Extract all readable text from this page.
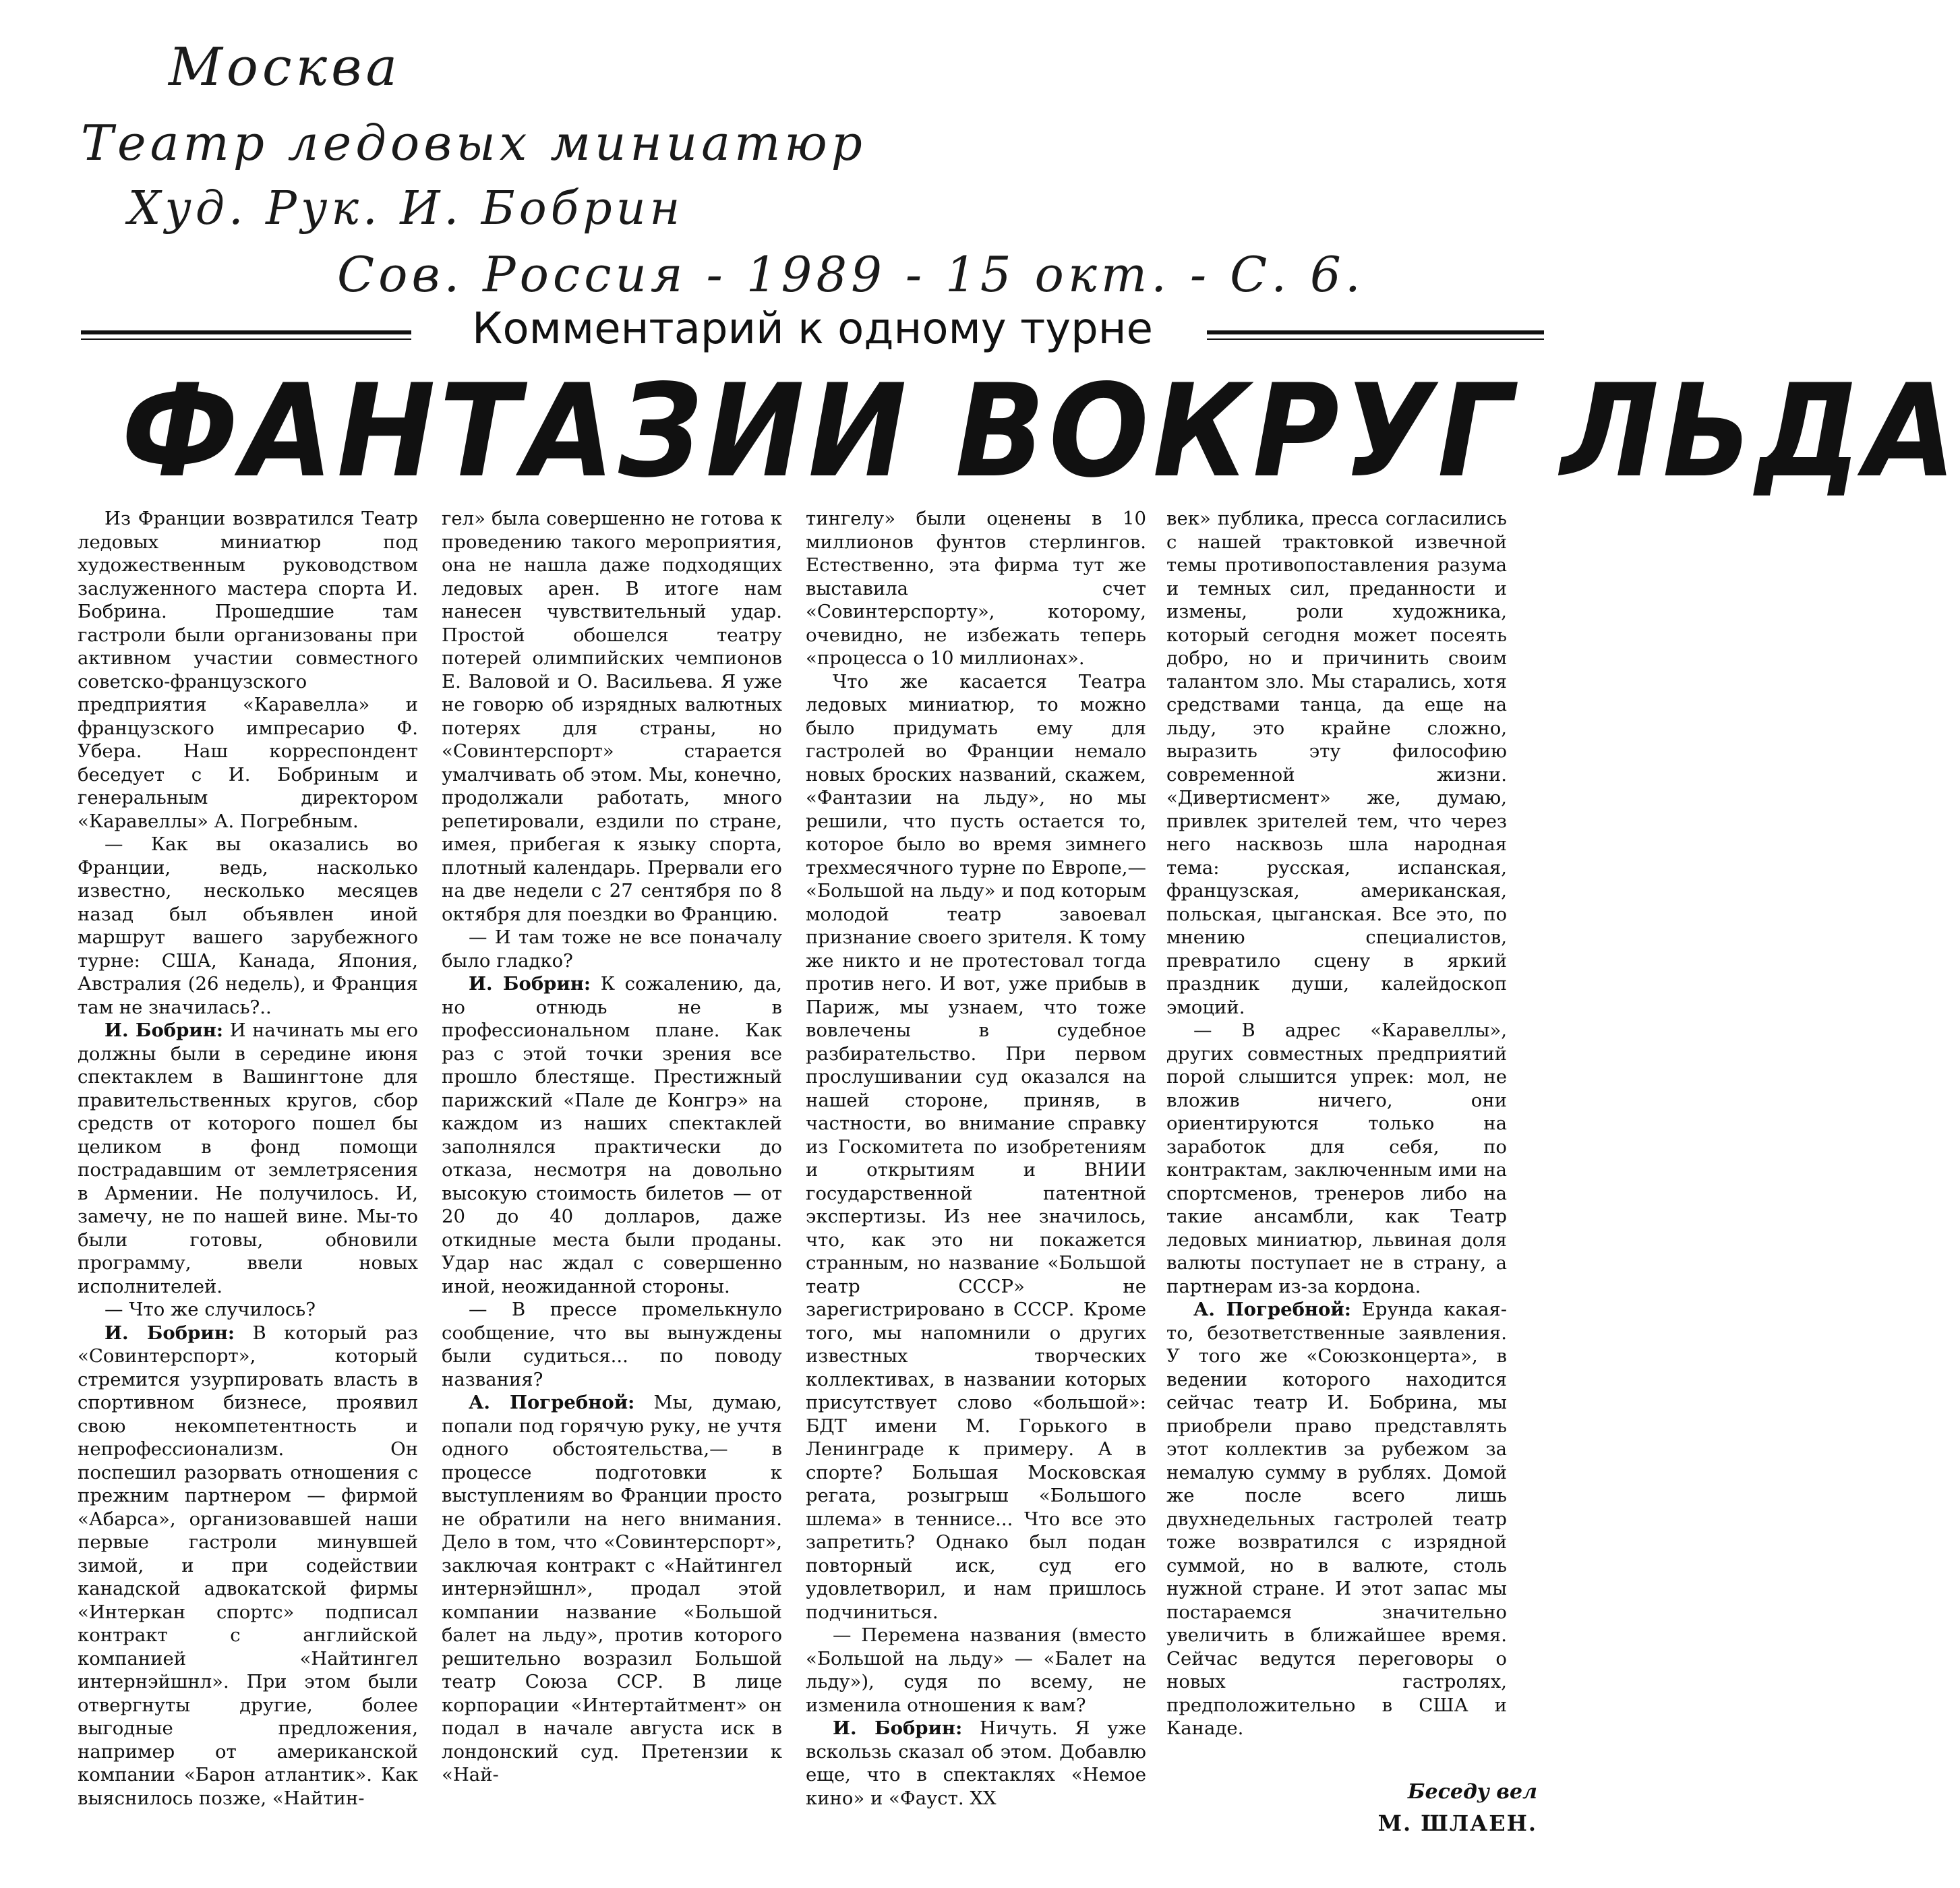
Москва
Театр ледовых миниатюр
Худ. Рук. И. Бобрин
Сов. Россия - 1989 - 15 окт. - С. 6.
Комментарий к одному турне
ФАНТАЗИИ ВОКРУГ ЛЬДА

Из Франции возвратился Театр ледовых миниатюр под художественным руководством заслуженного мастера спорта И. Бобрина. Прошедшие там гастроли были организованы при активном участии совместного советско-французского предприятия «Каравелла» и французского импресарио Ф. Убера. Наш корреспондент беседует с И. Бобриным и генеральным директором «Каравеллы» А. Погребным.

— Как вы оказались во Франции, ведь, насколько известно, несколько месяцев назад был объявлен иной маршрут вашего зарубежного турне: США, Канада, Япония, Австралия (26 недель), и Франция там не значилась?..

И. Бобрин: И начинать мы его должны были в середине июня спектаклем в Вашингтоне для правительственных кругов, сбор средств от которого пошел бы целиком в фонд помощи пострадавшим от землетрясения в Армении. Не получилось. И, замечу, не по нашей вине. Мы-то были готовы, обновили программу, ввели новых исполнителей.

— Что же случилось?

И. Бобрин: В который раз «Совинтерспорт», который стремится узурпировать власть в спортивном бизнесе, проявил свою некомпетентность и непрофессионализм. Он поспешил разорвать отношения с прежним партнером — фирмой «Абарса», организовавшей наши первые гастроли минувшей зимой, и при содействии канадской адвокатской фирмы «Интеркан спортс» подписал контракт с английской компанией «Найтингел интернэйшнл». При этом были отвергнуты другие, более выгодные предложения, например от американской компании «Барон атлантик». Как выяснилось позже, «Найтин-

гел» была совершенно не готова к проведению такого мероприятия, она не нашла даже подходящих ледовых арен. В итоге нам нанесен чувствительный удар. Простой обошелся театру потерей олимпийских чемпионов Е. Валовой и О. Васильева. Я уже не говорю об изрядных валютных потерях для страны, но «Совинтерспорт» старается умалчивать об этом. Мы, конечно, продолжали работать, много репетировали, ездили по стране, имея, прибегая к языку спорта, плотный календарь. Прервали его на две недели с 27 сентября по 8 октября для поездки во Францию.

— И там тоже не все поначалу было гладко?

И. Бобрин: К сожалению, да, но отнюдь не в профессиональном плане. Как раз с этой точки зрения все прошло блестяще. Престижный парижский «Пале де Конгрэ» на каждом из наших спектаклей заполнялся практически до отказа, несмотря на довольно высокую стоимость билетов — от 20 до 40 долларов, даже откидные места были проданы. Удар нас ждал с совершенно иной, неожиданной стороны.

— В прессе промелькнуло сообщение, что вы вынуждены были судиться... по поводу названия?

А. Погребной: Мы, думаю, попали под горячую руку, не учтя одного обстоятельства,— в процессе подготовки к выступлениям во Франции просто не обратили на него внимания. Дело в том, что «Совинтерспорт», заключая контракт с «Найтингел интернэйшнл», продал этой компании название «Большой балет на льду», против которого решительно возразил Большой театр Союза ССР. В лице корпорации «Интертайтмент» он подал в начале августа иск в лондонский суд. Претензии к «Най-

тингелу» были оценены в 10 миллионов фунтов стерлингов. Естественно, эта фирма тут же выставила счет «Совинтерспорту», которому, очевидно, не избежать теперь «процесса о 10 миллионах».

Что же касается Театра ледовых миниатюр, то можно было придумать ему для гастролей во Франции немало новых броских названий, скажем, «Фантазии на льду», но мы решили, что пусть остается то, которое было во время зимнего трехмесячного турне по Европе,— «Большой на льду» и под которым молодой театр завоевал признание своего зрителя. К тому же никто и не протестовал тогда против него. И вот, уже прибыв в Париж, мы узнаем, что тоже вовлечены в судебное разбирательство. При первом прослушивании суд оказался на нашей стороне, приняв, в частности, во внимание справку из Госкомитета по изобретениям и открытиям и ВНИИ государственной патентной экспертизы. Из нее значилось, что, как это ни покажется странным, но название «Большой театр СССР» не зарегистрировано в СССР. Кроме того, мы напомнили о других известных творческих коллективах, в названии которых присутствует слово «большой»: БДТ имени М. Горького в Ленинграде к примеру. А в спорте? Большая Московская регата, розыгрыш «Большого шлема» в теннисе... Что все это запретить? Однако был подан повторный иск, суд его удовлетворил, и нам пришлось подчиниться.

— Перемена названия (вместо «Большой на льду» — «Балет на льду»), судя по всему, не изменила отношения к вам?

И. Бобрин: Ничуть. Я уже вскользь сказал об этом. Добавлю еще, что в спектаклях «Немое кино» и «Фауст. XX

век» публика, пресса согласились с нашей трактовкой извечной темы противопоставления разума и темных сил, преданности и измены, роли художника, который сегодня может посеять добро, но и причинить своим талантом зло. Мы старались, хотя средствами танца, да еще на льду, это крайне сложно, выразить эту философию современной жизни. «Дивертисмент» же, думаю, привлек зрителей тем, что через него насквозь шла народная тема: русская, испанская, французская, американская, польская, цыганская. Все это, по мнению специалистов, превратило сцену в яркий праздник души, калейдоскоп эмоций.

— В адрес «Каравеллы», других совместных предприятий порой слышится упрек: мол, не вложив ничего, они ориентируются только на заработок для себя, по контрактам, заключенным ими на спортсменов, тренеров либо на такие ансамбли, как Театр ледовых миниатюр, львиная доля валюты поступает не в страну, а партнерам из-за кордона.

А. Погребной: Ерунда какая-то, безответственные заявления. У того же «Союзконцерта», в ведении которого находится сейчас театр И. Бобрина, мы приобрели право представлять этот коллектив за рубежом за немалую сумму в рублях. Домой же после всего лишь двухнедельных гастролей театр тоже возвратился с изрядной суммой, но в валюте, столь нужной стране. И этот запас мы постараемся значительно увеличить в ближайшее время. Сейчас ведутся переговоры о новых гастролях, предположительно в США и Канаде.

Беседу вел
М. ШЛАЕН.
